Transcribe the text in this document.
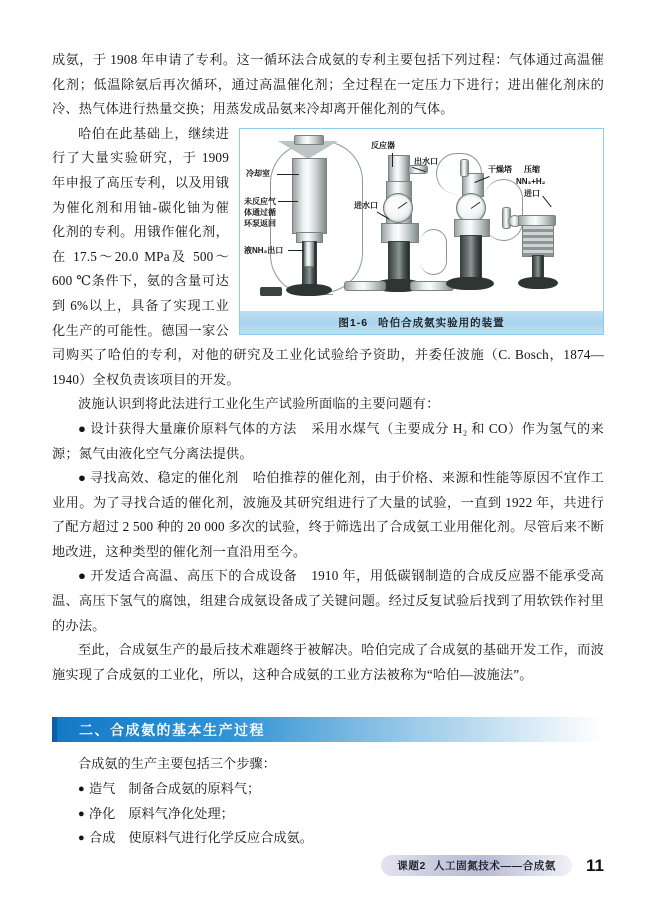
成氨，于 1908 年申请了专利。这一循环法合成氨的专利主要包括下列过程：气体通过高温催化剂；低温除氨后再次循环，通过高温催化剂；全过程在一定压力下进行；进出催化剂床的冷、热气体进行热量交换；用蒸发成品氨来冷却离开催化剂的气体。

冷却室
未反应气
体通过循
环泵返回
液NH₃出口
反应器
出水口
进水口
干燥塔 压缩
NN₃+H₂
进口
图1-6 哈伯合成氨实验用的装置

哈伯在此基础上，继续进行了大量实验研究，于 1909 年申报了高压专利，以及用锇为催化剂和用铀-碳化铀为催化剂的专利。用锇作催化剂，在 17.5～20.0 MPa及 500～600 ℃条件下，氨的含量可达到 6%以上，具备了实现工业化生产的可能性。德国一家公司购买了哈伯的专利，对他的研究及工业化试验给予资助，并委任波施（C. Bosch，1874—1940）全权负责该项目的开发。

波施认识到将此法进行工业化生产试验所面临的主要问题有：

● 设计获得大量廉价原料气体的方法 采用水煤气（主要成分 H₂ 和 CO）作为氢气的来源；氮气由液化空气分离法提供。

● 寻找高效、稳定的催化剂 哈伯推荐的催化剂，由于价格、来源和性能等原因不宜作工业用。为了寻找合适的催化剂，波施及其研究组进行了大量的试验，一直到 1922 年，共进行了配方超过 2 500 种的 20 000 多次的试验，终于筛选出了合成氨工业用催化剂。尽管后来不断地改进，这种类型的催化剂一直沿用至今。

● 开发适合高温、高压下的合成设备 1910 年，用低碳钢制造的合成反应器不能承受高温、高压下氢气的腐蚀，组建合成氨设备成了关键问题。经过反复试验后找到了用软铁作衬里的办法。

至此，合成氨生产的最后技术难题终于被解决。哈伯完成了合成氨的基础开发工作，而波施实现了合成氨的工业化，所以，这种合成氨的工业方法被称为“哈伯—波施法”。

二、合成氨的基本生产过程
合成氨的生产主要包括三个步骤：
● 造气 制备合成氨的原料气；
● 净化 原料气净化处理；
● 合成 使原料气进行化学反应合成氨。
课题2 人工固氮技术——合成氨	11
